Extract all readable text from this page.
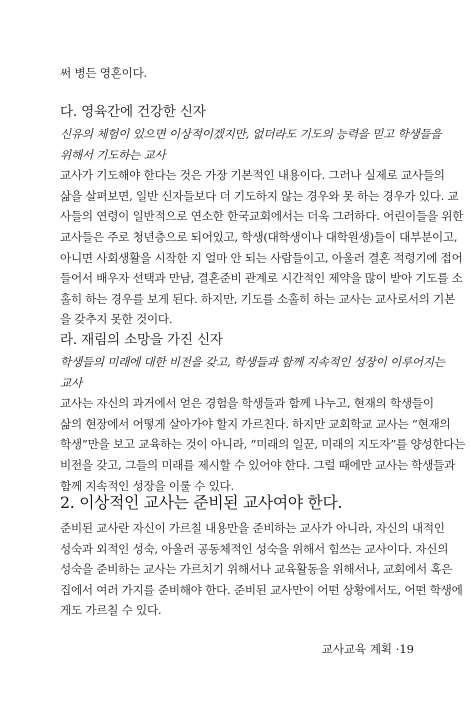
써 병든 영혼이다.
다. 영육간에 건강한 신자
신유의 체험이 있으면 이상적이겠지만, 없더라도 기도의 능력을 믿고 학생들을
위해서 기도하는 교사
교사가 기도해야 한다는 것은 가장 기본적인 내용이다. 그러나 실제로 교사들의
삶을 살펴보면, 일반 신자들보다 더 기도하지 않는 경우와 못 하는 경우가 있다. 교
사들의 연령이 일반적으로 연소한 한국교회에서는 더욱 그러하다. 어린이들을 위한
교사들은 주로 청년층으로 되어있고, 학생(대학생이나 대학원생)들이 대부분이고,
아니면 사회생활을 시작한 지 얼마 안 되는 사람들이고, 아울러 결혼 적령기에 접어
들어서 배우자 선택과 만남, 결혼준비 관계로 시간적인 제약을 많이 받아 기도를 소
홀히 하는 경우를 보게 된다. 하지만, 기도를 소홀히 하는 교사는 교사로서의 기본
을 갖추지 못한 것이다.
라. 재림의 소망을 가진 신자
학생들의 미래에 대한 비전을 갖고, 학생들과 함께 지속적인 성장이 이루어지는
교사
교사는 자신의 과거에서 얻은 경험을 학생들과 함께 나누고, 현재의 학생들이
삶의 현장에서 어떻게 살아가야 할지 가르친다. 하지만 교회학교 교사는 “현재의
학생”만을 보고 교육하는 것이 아니라, “미래의 일꾼, 미래의 지도자”를 양성한다는
비전을 갖고, 그들의 미래를 제시할 수 있어야 한다. 그럴 때에만 교사는 학생들과
함께 지속적인 성장을 이룰 수 있다.
2. 이상적인 교사는 준비된 교사여야 한다.
준비된 교사란 자신이 가르칠 내용만을 준비하는 교사가 아니라, 자신의 내적인
성숙과 외적인 성숙, 아울러 공동체적인 성숙을 위해서 힘쓰는 교사이다. 자신의
성숙을 준비하는 교사는 가르치기 위해서나 교육활동을 위해서나, 교회에서 혹은
집에서 여러 가지를 준비해야 한다. 준비된 교사만이 어떤 상황에서도, 어떤 학생에
게도 가르칠 수 있다.
교사교육 계획 ·19
